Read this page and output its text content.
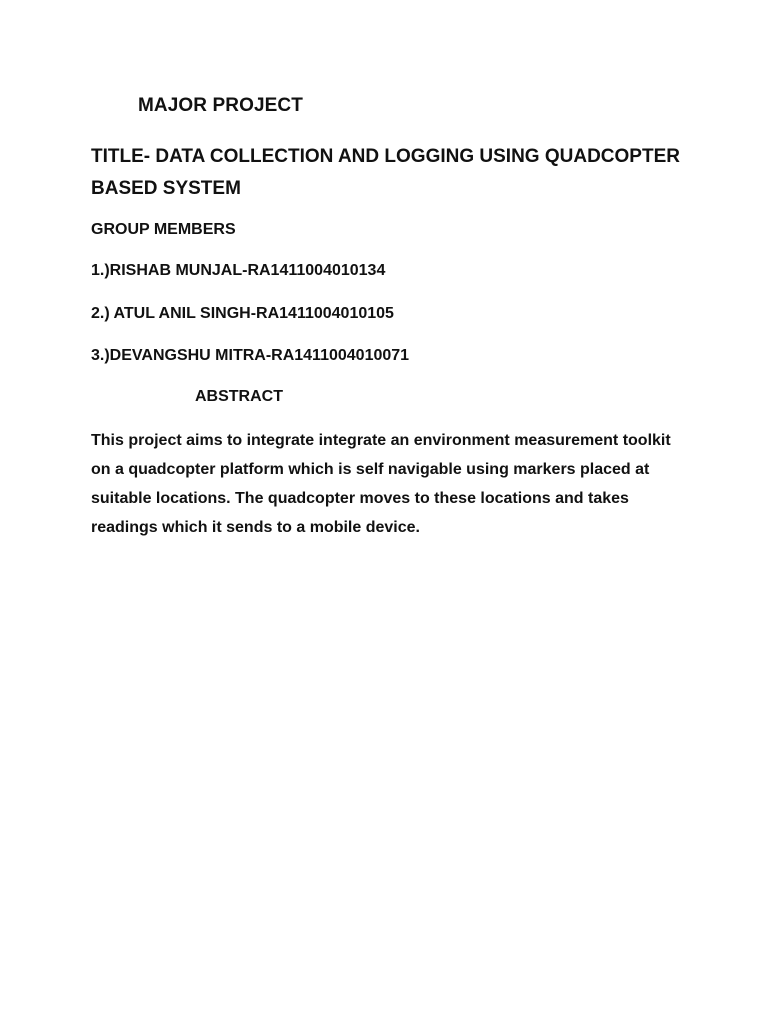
MAJOR PROJECT
TITLE- DATA COLLECTION AND LOGGING USING QUADCOPTER BASED SYSTEM

GROUP MEMBERS

1.)RISHAB MUNJAL-RA1411004010134

2.) ATUL ANIL SINGH-RA1411004010105

3.)DEVANGSHU MITRA-RA1411004010071

ABSTRACT

This project aims to integrate integrate an environment measurement toolkit on a quadcopter platform which is self navigable using markers placed at suitable locations. The quadcopter moves to these locations and takes readings which it sends to a mobile device.
